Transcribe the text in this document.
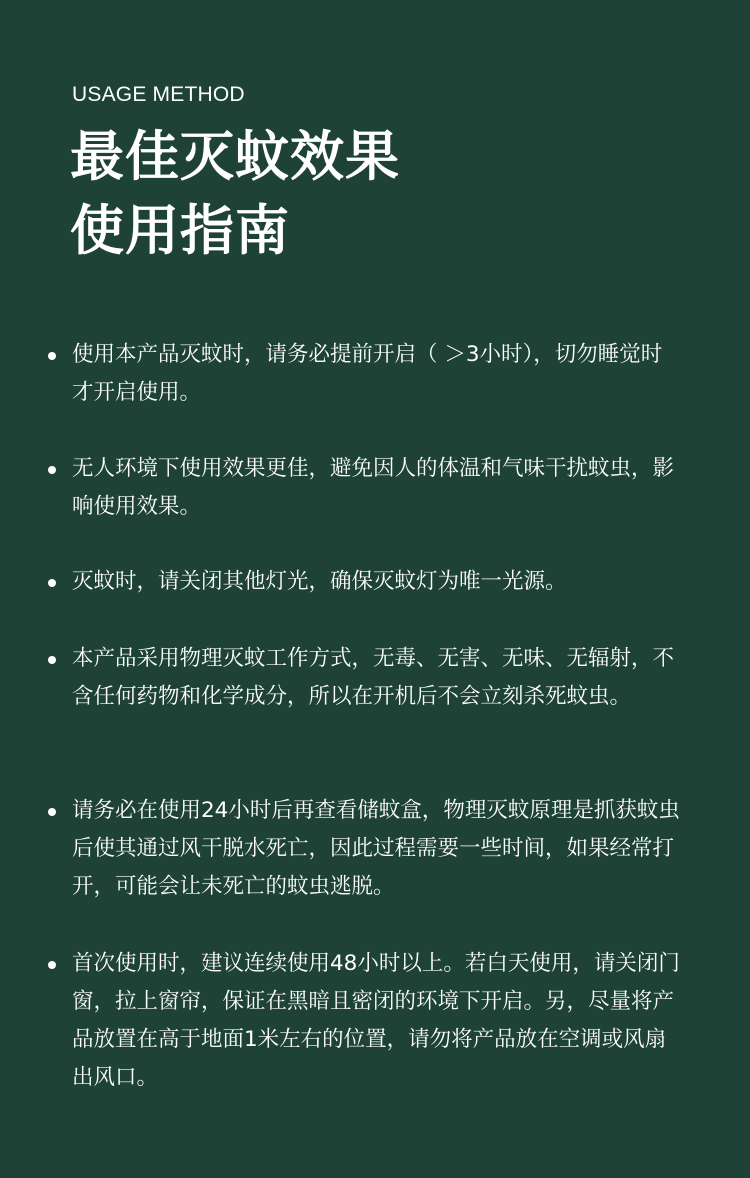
USAGE METHOD
最佳灭蚊效果
使用指南
使用本产品灭蚊时，请务必提前开启（ ＞3小时），切勿睡觉时才开启使用。
无人环境下使用效果更佳，避免因人的体温和气味干扰蚊虫，影响使用效果。
灭蚊时，请关闭其他灯光，确保灭蚊灯为唯一光源。
本产品采用物理灭蚊工作方式，无毒、无害、无味、无辐射，不含任何药物和化学成分，所以在开机后不会立刻杀死蚊虫。
请务必在使用24小时后再查看储蚊盒，物理灭蚊原理是抓获蚊虫后使其通过风干脱水死亡，因此过程需要一些时间，如果经常打开，可能会让未死亡的蚊虫逃脱。
首次使用时，建议连续使用48小时以上。若白天使用，请关闭门窗，拉上窗帘，保证在黑暗且密闭的环境下开启。另，尽量将产品放置在高于地面1米左右的位置，请勿将产品放在空调或风扇出风口。
